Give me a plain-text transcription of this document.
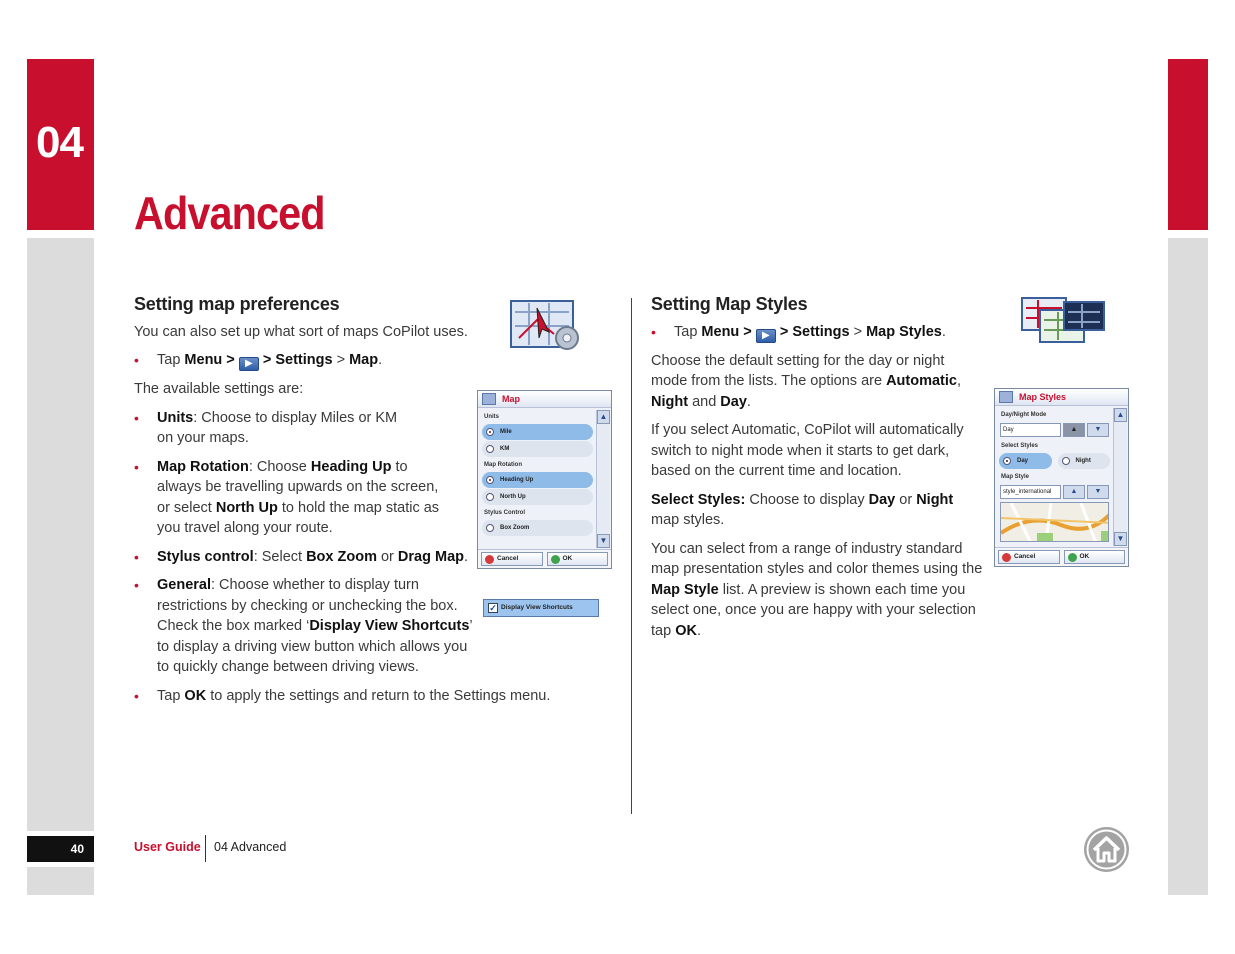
04
Advanced
Setting map preferences

You can also set up what sort of maps CoPilot uses.

• Tap Menu > ▶ > Settings > Map.

The available settings are:

• Units: Choose to display Miles or KM on your maps.
• Map Rotation: Choose Heading Up to always be travelling upwards on the screen, or select North Up to hold the map static as you travel along your route.
• Stylus control: Select Box Zoom or Drag Map.
• General: Choose whether to display turn restrictions by checking or unchecking the box. Check the box marked ‘Display View Shortcuts’ to display a driving view button which allows you to quickly change between driving views.
• Tap OK to apply the settings and return to the Settings menu.
Map
Units
Mile
KM
Map Rotation
Heading Up
North Up
Stylus Control
Box Zoom
▲
▼
Cancel	OK
✓ Display View Shortcuts
Setting Map Styles
• Tap Menu > ▶ > Settings > Map Styles.

Choose the default setting for the day or night mode from the lists. The options are Automatic, Night and Day.

If you select Automatic, CoPilot will automatically switch to night mode when it starts to get dark, based on the current time and location.

Select Styles: Choose to display Day or Night map styles.

You can select from a range of industry standard map presentation styles and color themes using the Map Style list. A preview is shown each time you select one, once you are happy with your selection tap OK.

Map Styles
Day/Night Mode
Day	▲	▼
Select Styles
Day	Night
Map Style
style_international	▲	▼
▲
▼
Cancel	OK
40	User Guide 04 Advanced
